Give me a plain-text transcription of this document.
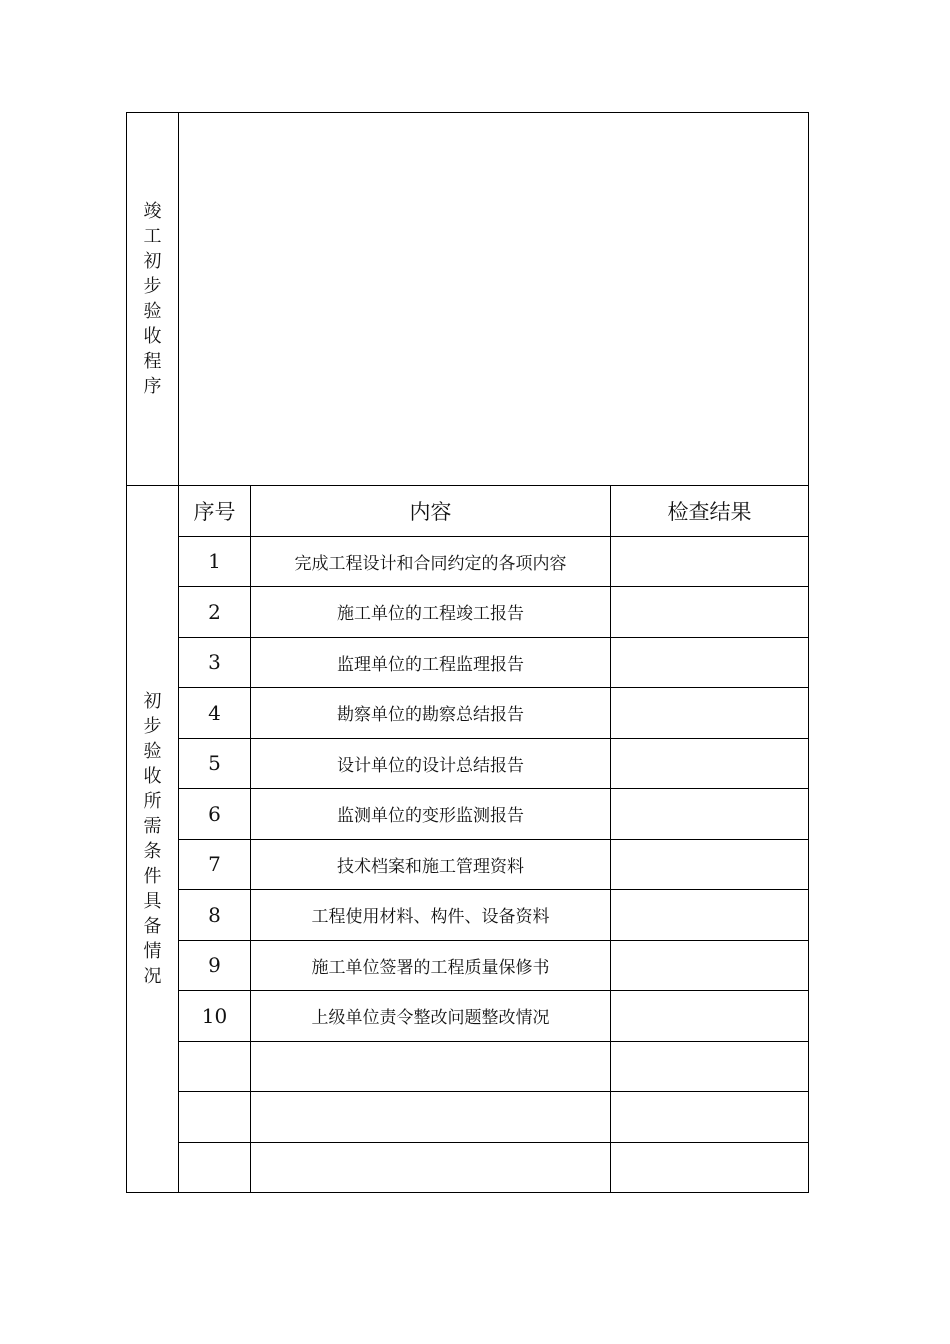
竣工初步验收程序			
初步验收所需条件具备情况	序号	内容	检查结果
	1	完成工程设计和合同约定的各项内容	
	2	施工单位的工程竣工报告	
	3	监理单位的工程监理报告	
	4	勘察单位的勘察总结报告	
	5	设计单位的设计总结报告	
	6	监测单位的变形监测报告	
	7	技术档案和施工管理资料	
	8	工程使用材料、构件、设备资料	
	9	施工单位签署的工程质量保修书	
	10	上级单位责令整改问题整改情况	
